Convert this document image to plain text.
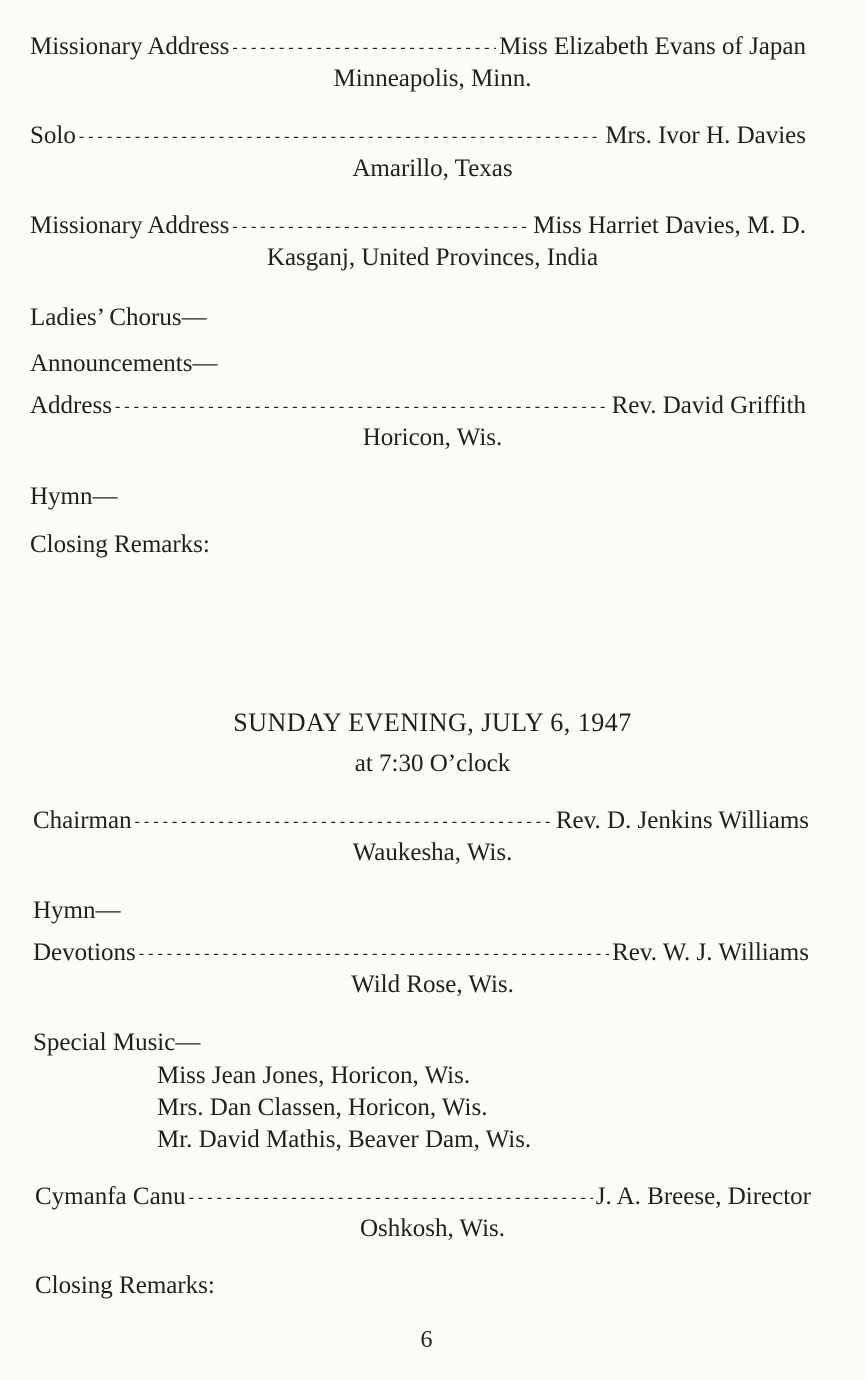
Missionary Address - - -	Miss Elizabeth Evans of Japan
Minneapolis, Minn.
Solo - - -	Mrs. Ivor H. Davies
Amarillo, Texas
Missionary Address - - -	Miss Harriet Davies, M. D.
Kasganj, United Provinces, India
Ladies’ Chorus—
Announcements—
Address - - -	Rev. David Griffith
Horicon, Wis.
Hymn—
Closing Remarks:
SUNDAY EVENING, JULY 6, 1947
at 7:30 O’clock
Chairman - - -	Rev. D. Jenkins Williams
Waukesha, Wis.
Hymn—
Devotions - - -	Rev. W. J. Williams
Wild Rose, Wis.
Special Music—
Miss Jean Jones, Horicon, Wis.
Mrs. Dan Classen, Horicon, Wis.
Mr. David Mathis, Beaver Dam, Wis.
Cymanfa Canu - - -	J. A. Breese, Director
Oshkosh, Wis.
Closing Remarks:
6
